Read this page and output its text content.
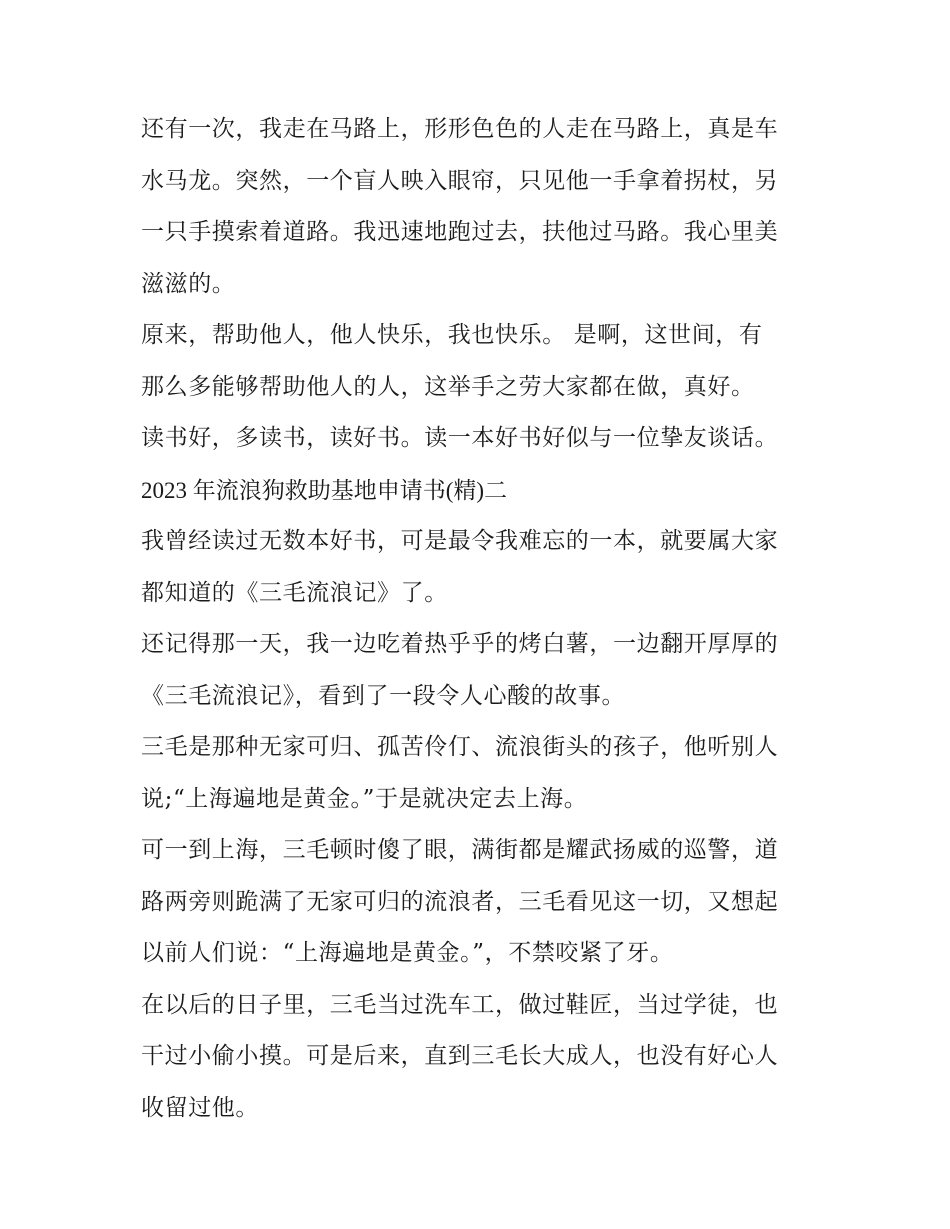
还有一次，我走在马路上，形形色色的人走在马路上，真是车
水马龙。突然，一个盲人映入眼帘，只见他一手拿着拐杖，另
一只手摸索着道路。我迅速地跑过去，扶他过马路。我心里美
滋滋的。
原来，帮助他人，他人快乐，我也快乐。 是啊，这世间，有
那么多能够帮助他人的人，这举手之劳大家都在做，真好。
读书好，多读书，读好书。读一本好书好似与一位挚友谈话。
2023 年流浪狗救助基地申请书(精)二
我曾经读过无数本好书，可是最令我难忘的一本，就要属大家
都知道的《三毛流浪记》了。
还记得那一天，我一边吃着热乎乎的烤白薯，一边翻开厚厚的
《三毛流浪记》，看到了一段令人心酸的故事。
三毛是那种无家可归、孤苦伶仃、流浪街头的孩子，他听别人
说;“上海遍地是黄金。”于是就决定去上海。
可一到上海，三毛顿时傻了眼，满街都是耀武扬威的巡警，道
路两旁则跪满了无家可归的流浪者，三毛看见这一切，又想起
以前人们说：“上海遍地是黄金。”，不禁咬紧了牙。
在以后的日子里，三毛当过洗车工，做过鞋匠，当过学徒，也
干过小偷小摸。可是后来，直到三毛长大成人，也没有好心人
收留过他。
